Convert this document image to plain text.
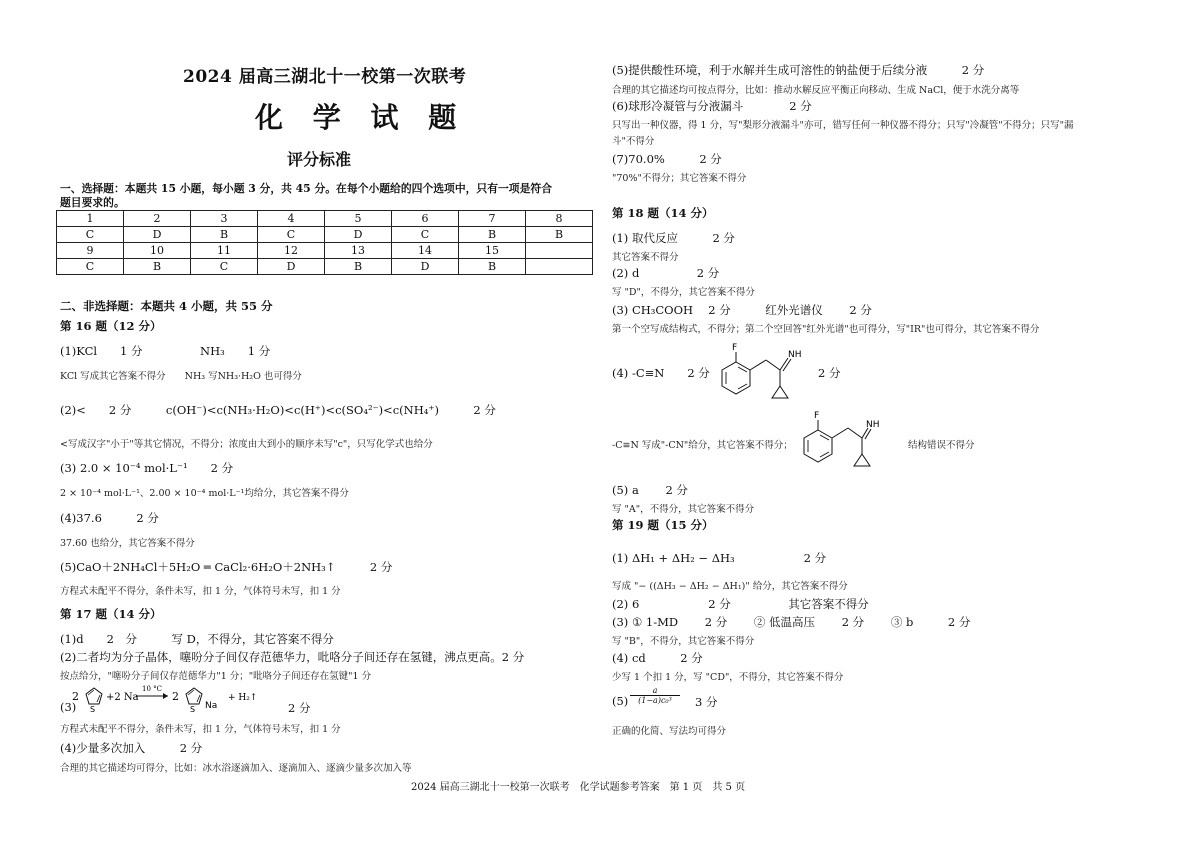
2024 届高三湖北十一校第一次联考
化 学 试 题
评分标准
一、选择题：本题共 15 小题，每小题 3 分，共 45 分。在每个小题给的四个选项中，只有一项是符合
题目要求的。
1	2	3	4	5	6	7	8
C	D	B	C	D	C	B	B
9	10	11	12	13	14	15	
C	B	C	D	B	D	B	
二、非选择题：本题共 4 小题，共 55 分
第 16 题（12 分）
(1)KCl　　1 分　　　　　NH₃　　1 分
KCl 写成其它答案不得分　　NH₃ 写NH₃·H₂O 也可得分
(2)<　　2 分　　　c(OH⁻)<c(NH₃·H₂O)<c(H⁺)<c(SO₄²⁻)<c(NH₄⁺)　　　2 分
<写成汉字"小于"等其它情况，不得分；浓度由大到小的顺序未写"c"，只写化学式也给分
(3) 2.0 × 10⁻⁴ mol·L⁻¹　　2 分
2 × 10⁻⁴ mol·L⁻¹、2.00 × 10⁻⁴ mol·L⁻¹均给分，其它答案不得分
(4)37.6　　　2 分
37.60 也给分，其它答案不得分
(5)CaO＋2NH₄Cl＋5H₂O ═ CaCl₂·6H₂O＋2NH₃↑　　　2 分
方程式未配平不得分，条件未写，扣 1 分，气体符号未写，扣 1 分
第 17 题（14 分）
(1)d　　2　分　　　写 D，不得分，其它答案不得分
(2)二者均为分子晶体，噻吩分子间仅存范德华力，吡咯分子间还存在氢键，沸点更高。2 分
按点给分，"噻吩分子间仅存范德华力"1 分；"吡咯分子间还存在氢键"1 分
(3)
2
S
+2 Na
10 °C
2
S Na
+ H₂↑
2 分
方程式未配平不得分，条件未写，扣 1 分，气体符号未写，扣 1 分
(4)少量多次加入　　　2 分
合理的其它描述均可得分，比如：冰水浴逐滴加入、逐滴加入、逐滴少量多次加入等
(5)提供酸性环境，利于水解并生成可溶性的钠盐便于后续分液　　　2 分
合理的其它描述均可按点得分，比如：推动水解反应平衡正向移动、生成 NaCl，便于水洗分离等
(6)球形冷凝管与分液漏斗　　　　2 分
只写出一种仪器，得 1 分，写"梨形分液漏斗"亦可，错写任何一种仪器不得分；只写"冷凝管"不得分；只写"漏
斗"不得分
(7)70.0%　　　2 分
"70%"不得分；其它答案不得分
第 18 题（14 分）
(1) 取代反应　　　2 分
其它答案不得分
(2) d　　　　　2 分
写 "D"，不得分，其它答案不得分
(3) CH₃COOH　 2 分　　　红外光谱仪　　 2 分
第一个空写成结构式，不得分；第二个空回答"红外光谱"也可得分，写"IR"也可得分，其它答案不得分
(4) -C≡N　　2 分
F
NH
2 分
-C≡N 写成"-CN"给分，其它答案不得分；
F
NH
结构错误不得分
(5) a　　 2 分
写 "A"，不得分，其它答案不得分
第 19 题（15 分）
(1) ΔH₁ + ΔH₂ − ΔH₃　　　　　　2 分
写成 "− ((ΔH₃ − ΔH₂ − ΔH₁)" 给分，其它答案不得分
(2) 6　　　　　　2 分　　　　　其它答案不得分
(3) ① 1-MD　　 2 分　　 ② 低温高压　　 2 分　　 ③ b　　　2 分
写 "B"，不得分，其它答案不得分
(4) cd　　　2 分
少写 1 个扣 1 分，写 "CD"，不得分，其它答案不得分
$(5) \frac{a}{\text{(1−a)c₀³}} 3$ 分
正确的化简、写法均可得分
2024 届高三湖北十一校第一次联考　化学试题参考答案　第 1 页　共 5 页
